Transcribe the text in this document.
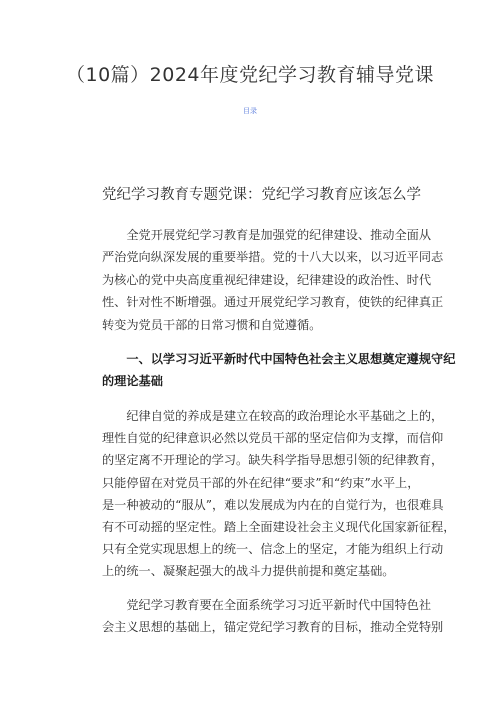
（10篇）2024年度党纪学习教育辅导党课
目录
党纪学习教育专题党课：党纪学习教育应该怎么学
　　全党开展党纪学习教育是加强党的纪律建设、推动全面从
严治党向纵深发展的重要举措。党的十八大以来，以习近平同志
为核心的党中央高度重视纪律建设，纪律建设的政治性、时代
性、针对性不断增强。通过开展党纪学习教育，使铁的纪律真正
转变为党员干部的日常习惯和自觉遵循。
　　一、以学习习近平新时代中国特色社会主义思想奠定遵规守纪
的理论基础
　　纪律自觉的养成是建立在较高的政治理论水平基础之上的，
理性自觉的纪律意识必然以党员干部的坚定信仰为支撑，而信仰
的坚定离不开理论的学习。缺失科学指导思想引领的纪律教育，
只能停留在对党员干部的外在纪律“要求”和“约束”水平上，
是一种被动的“服从”，难以发展成为内在的自觉行为，也很难具
有不可动摇的坚定性。踏上全面建设社会主义现代化国家新征程，
只有全党实现思想上的统一、信念上的坚定，才能为组织上行动
上的统一、凝聚起强大的战斗力提供前提和奠定基础。
　　党纪学习教育要在全面系统学习习近平新时代中国特色社
会主义思想的基础上，锚定党纪学习教育的目标，推动全党特别
